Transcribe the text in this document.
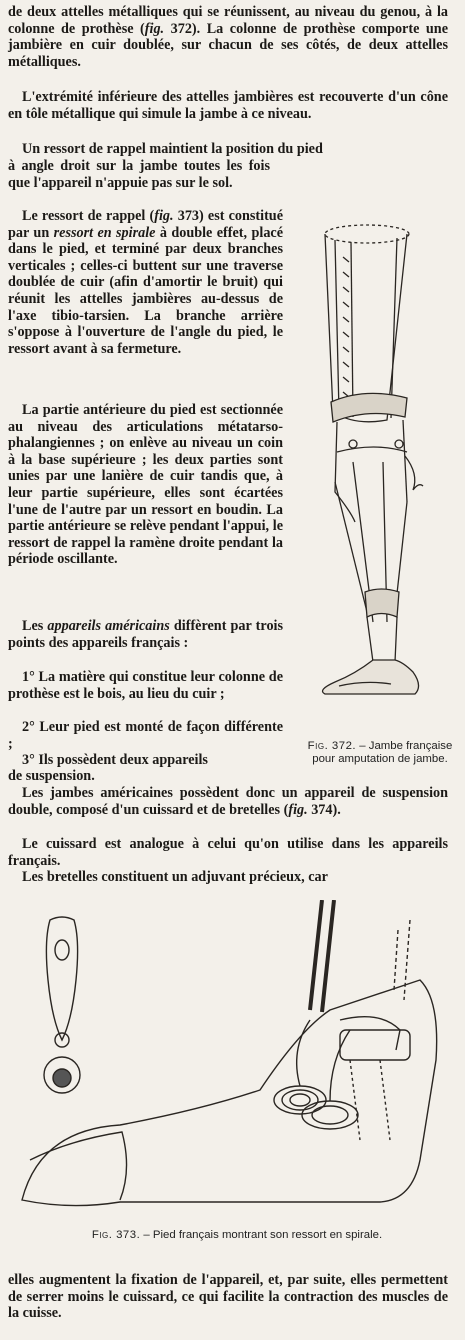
de deux attelles métalliques qui se réunissent, au niveau du genou, à la colonne de prothèse (fig. 372). La colonne de prothèse comporte une jambière en cuir doublée, sur chacun de ses côtés, de deux attelles métalliques.

L'extrémité inférieure des attelles jambières est recouverte d'un cône en tôle métallique qui simule la jambe à ce niveau.

Un ressort de rappel maintient la position du pied

à angle droit sur la jambe toutes les fois que l'appareil n'appuie pas sur le sol.

Le ressort de rappel (fig. 373) est constitué par un ressort en spirale à double effet, placé dans le pied, et terminé par deux branches verticales ; celles-ci buttent sur une traverse doublée de cuir (afin d'amortir le bruit) qui réunit les attelles jambières au-dessus de l'axe tibio-tarsien. La branche arrière s'oppose à l'ouverture de l'angle du pied, le ressort avant à sa fermeture.

La partie antérieure du pied est sectionnée au niveau des articulations métatarso-phalangiennes ; on enlève au niveau un coin à la base supérieure ; les deux parties sont unies par une lanière de cuir tandis que, à leur partie supérieure, elles sont écartées l'une de l'autre par un ressort en boudin. La partie antérieure se relève pendant l'appui, le ressort de rappel la ramène droite pendant la période oscillante.

Les appareils américains diffèrent par trois points des appareils français :

1° La matière qui constitue leur colonne de prothèse est le bois, au lieu du cuir ;

2° Leur pied est monté de façon différente ;

3° Ils possèdent deux appareils

de suspension.

Les jambes américaines possèdent donc un appareil de suspension double, composé d'un cuissard et de bretelles (fig. 374).

Le cuissard est analogue à celui qu'on utilise dans les appareils français.

Les bretelles constituent un adjuvant précieux, car

elles augmentent la fixation de l'appareil, et, par suite, elles permettent de serrer moins le cuissard, ce qui facilite la contraction des muscles de la cuisse.

Fig. 372. – Jambe française pour amputation de jambe.

Fig. 373. – Pied français montrant son ressort en spirale.
